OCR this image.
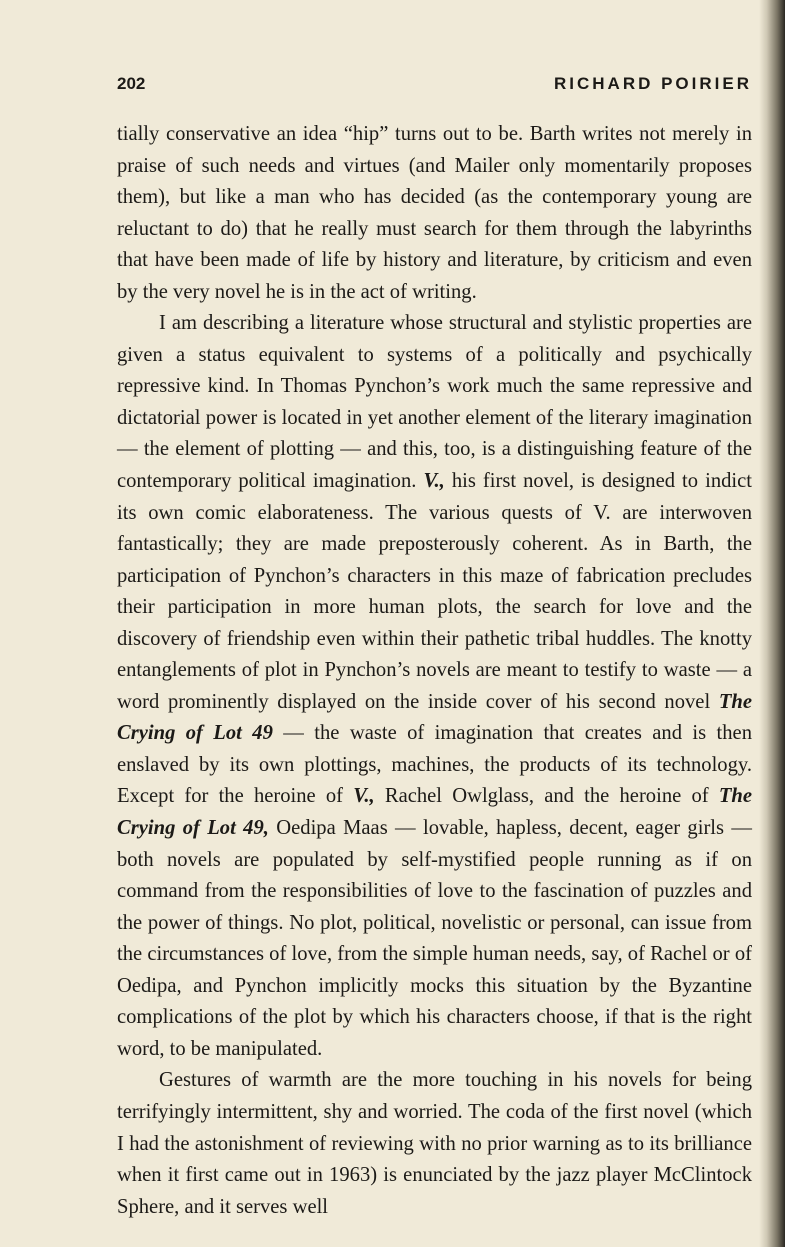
202	RICHARD POIRIER

tially conservative an idea “hip” turns out to be. Barth writes not merely in praise of such needs and virtues (and Mailer only momentarily proposes them), but like a man who has decided (as the contemporary young are reluctant to do) that he really must search for them through the labyrinths that have been made of life by history and literature, by criticism and even by the very novel he is in the act of writing.

I am describing a literature whose structural and stylistic properties are given a status equivalent to systems of a politically and psychically repressive kind. In Thomas Pynchon’s work much the same repressive and dictatorial power is located in yet another element of the literary imagination — the element of plotting — and this, too, is a distinguishing feature of the contemporary political imagination. V., his first novel, is designed to indict its own comic elaborateness. The various quests of V. are interwoven fantastically; they are made preposterously coherent. As in Barth, the participation of Pynchon’s characters in this maze of fabrication precludes their participation in more human plots, the search for love and the discovery of friendship even within their pathetic tribal huddles. The knotty entanglements of plot in Pynchon’s novels are meant to testify to waste — a word prominently displayed on the inside cover of his second novel The Crying of Lot 49 — the waste of imagination that creates and is then enslaved by its own plottings, machines, the products of its technology. Except for the heroine of V., Rachel Owlglass, and the heroine of The Crying of Lot 49, Oedipa Maas — lovable, hapless, decent, eager girls — both novels are populated by self-mystified people running as if on command from the responsibilities of love to the fascination of puzzles and the power of things. No plot, political, novelistic or personal, can issue from the circumstances of love, from the simple human needs, say, of Rachel or of Oedipa, and Pynchon implicitly mocks this situation by the Byzantine complications of the plot by which his characters choose, if that is the right word, to be manipulated.

Gestures of warmth are the more touching in his novels for being terrifyingly intermittent, shy and worried. The coda of the first novel (which I had the astonishment of reviewing with no prior warning as to its brilliance when it first came out in 1963) is enunciated by the jazz player McClintock Sphere, and it serves well
